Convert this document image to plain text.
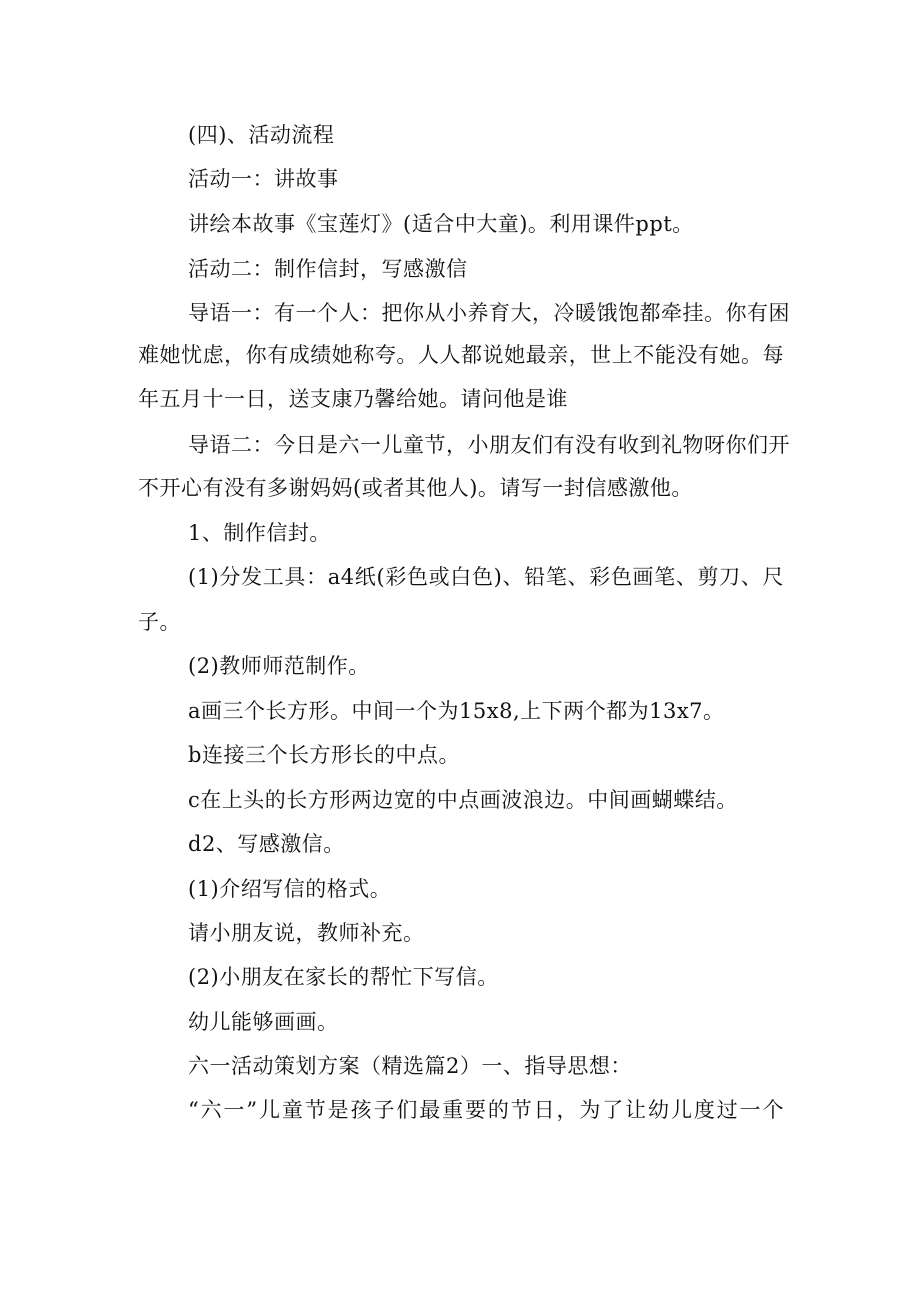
(四)、活动流程
活动一：讲故事
讲绘本故事《宝莲灯》(适合中大童)。利用课件ppt。
活动二：制作信封，写感激信
导语一：有一个人：把你从小养育大，冷暖饿饱都牵挂。你有困
难她忧虑，你有成绩她称夸。人人都说她最亲，世上不能没有她。每
年五月十一日，送支康乃馨给她。请问他是谁
导语二：今日是六一儿童节，小朋友们有没有收到礼物呀你们开
不开心有没有多谢妈妈(或者其他人)。请写一封信感激他。
1、制作信封。
(1)分发工具：a4纸(彩色或白色)、铅笔、彩色画笔、剪刀、尺
子。
(2)教师师范制作。
a画三个长方形。中间一个为15x8,上下两个都为13x7。
b连接三个长方形长的中点。
c在上头的长方形两边宽的中点画波浪边。中间画蝴蝶结。
d2、写感激信。
(1)介绍写信的格式。
请小朋友说，教师补充。
(2)小朋友在家长的帮忙下写信。
幼儿能够画画。
六一活动策划方案（精选篇2）一、指导思想：
“六一”儿童节是孩子们最重要的节日，为了让幼儿度过一个
